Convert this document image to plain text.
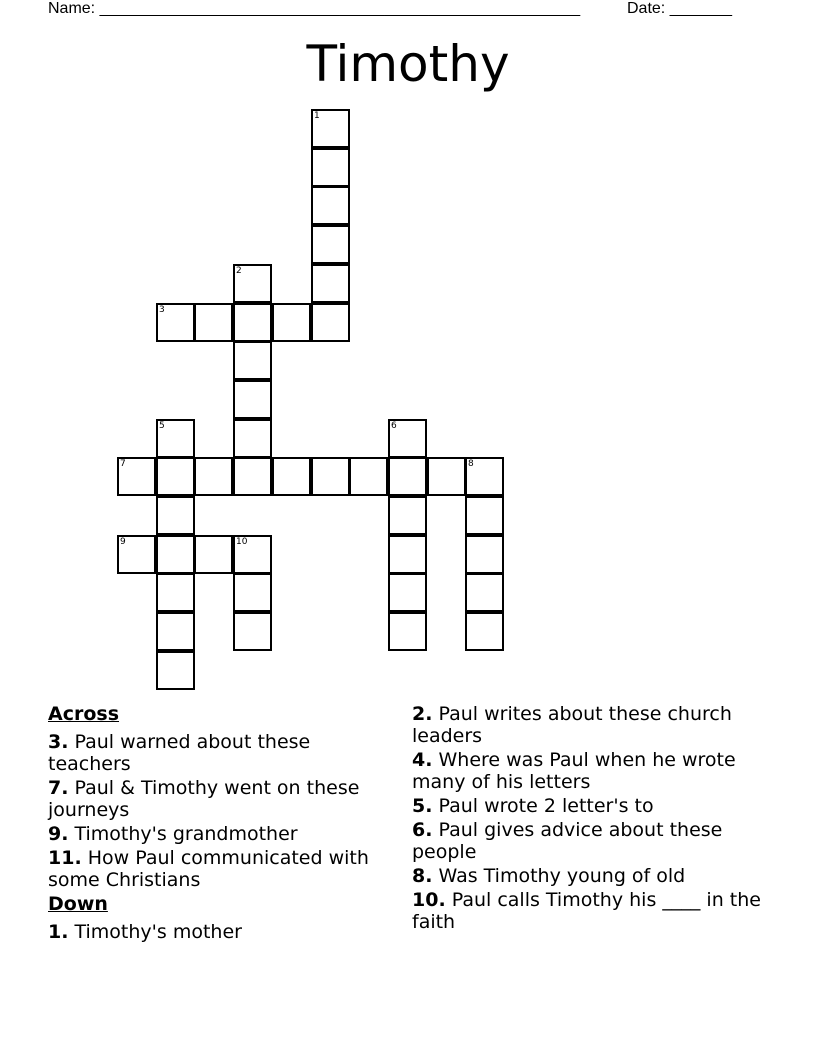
Name: ______________________________________________________	Date: _______
Timothy
1
2
3
5	6
7	8
9	10
Across
3. Paul warned about these teachers
7. Paul & Timothy went on these journeys
9. Timothy's grandmother
11. How Paul communicated with some Christians
Down
1. Timothy's mother
2. Paul writes about these church leaders
4. Where was Paul when he wrote many of his letters
5. Paul wrote 2 letter's to
6. Paul gives advice about these people
8. Was Timothy young of old
10. Paul calls Timothy his ____ in the faith
